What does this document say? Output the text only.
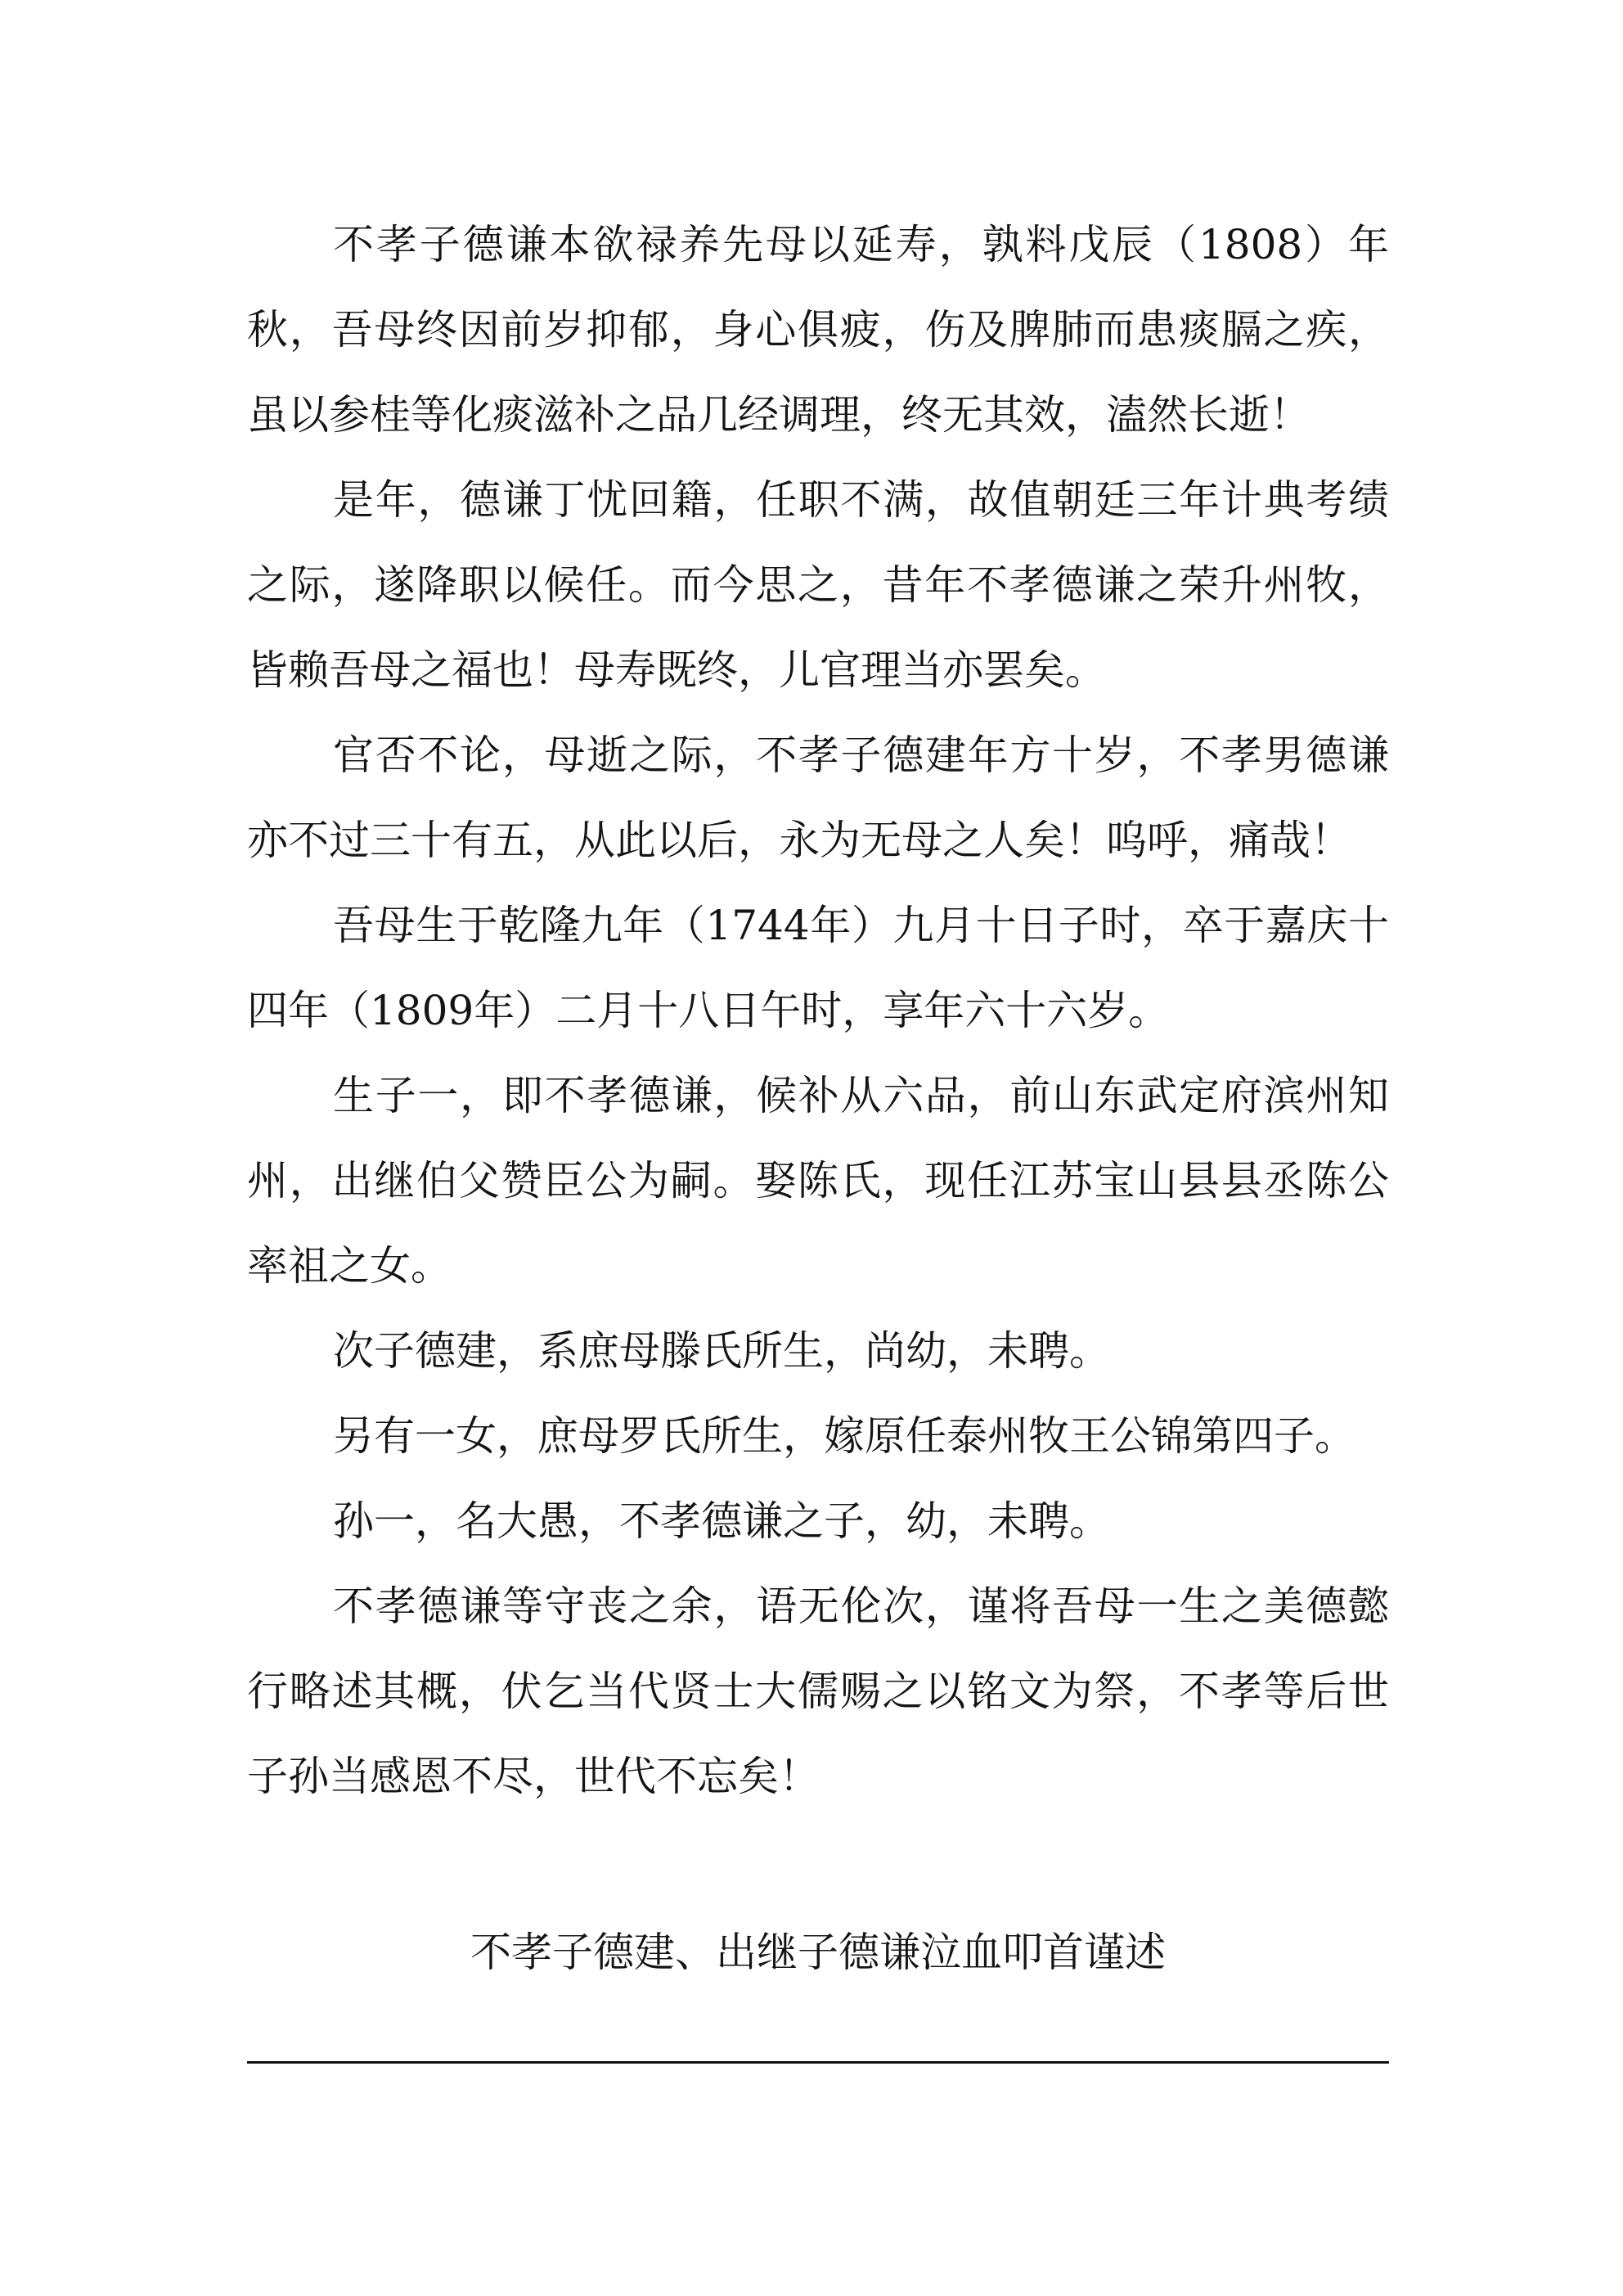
不孝子德谦本欲禄养先母以延寿，孰料戊辰（1808）年秋，吾母终因前岁抑郁，身心俱疲，伤及脾肺而患痰膈之疾，虽以参桂等化痰滋补之品几经调理，终无其效，溘然长逝！

是年，德谦丁忧回籍，任职不满，故值朝廷三年计典考绩之际，遂降职以候任。而今思之，昔年不孝德谦之荣升州牧，皆赖吾母之福也！母寿既终，儿官理当亦罢矣。

官否不论，母逝之际，不孝子德建年方十岁，不孝男德谦亦不过三十有五，从此以后，永为无母之人矣！呜呼，痛哉！

吾母生于乾隆九年（1744年）九月十日子时，卒于嘉庆十四年（1809年）二月十八日午时，享年六十六岁。

生子一，即不孝德谦，候补从六品，前山东武定府滨州知州，出继伯父赞臣公为嗣。娶陈氏，现任江苏宝山县县丞陈公率祖之女。

次子德建，系庶母滕氏所生，尚幼，未聘。

另有一女，庶母罗氏所生，嫁原任泰州牧王公锦第四子。

孙一，名大愚，不孝德谦之子，幼，未聘。

不孝德谦等守丧之余，语无伦次，谨将吾母一生之美德懿行略述其概，伏乞当代贤士大儒赐之以铭文为祭，不孝等后世子孙当感恩不尽，世代不忘矣！

不孝子德建、出继子德谦泣血叩首谨述
